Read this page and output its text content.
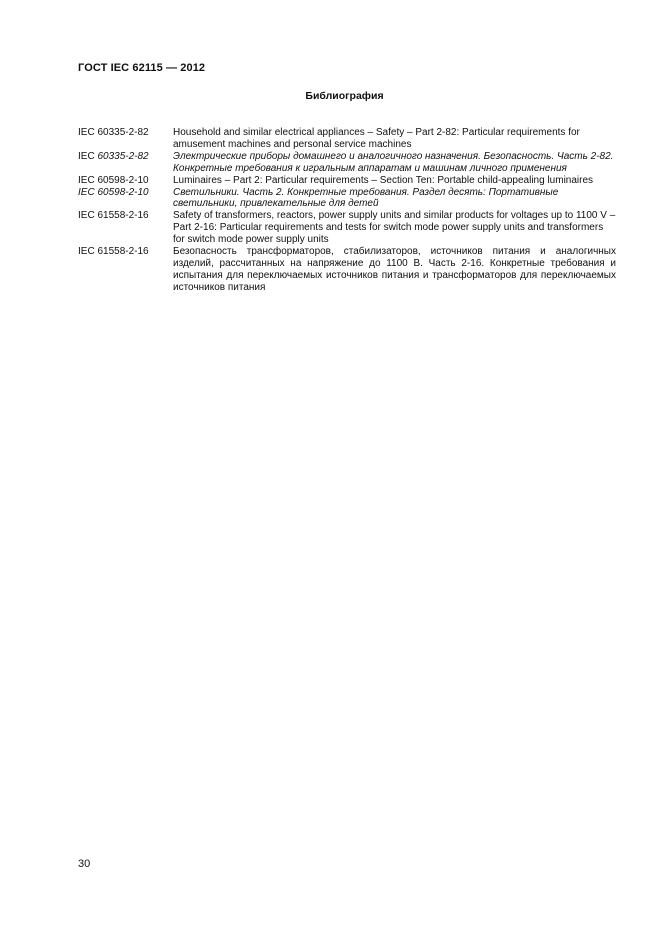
ГОСТ IEC 62115 — 2012
Библиография
IEC 60335-2-82	Household and similar electrical appliances – Safety – Part 2-82: Particular requirements for amusement machines and personal service machines
IEC 60335-2-82	Электрические приборы домашнего и аналогичного назначения. Безопасность. Часть 2-82. Конкретные требования к игральным аппаратам и машинам личного применения
IEC 60598-2-10	Luminaires – Part 2: Particular requirements – Section Ten: Portable child-appealing luminaires
IEC 60598-2-10	Светильники. Часть 2. Конкретные требования. Раздел десять: Портативные светильники, привлекательные для детей
IEC 61558-2-16	Safety of transformers, reactors, power supply units and similar products for voltages up to 1100 V – Part 2-16: Particular requirements and tests for switch mode power supply units and transformers for switch mode power supply units
IEC 61558-2-16	Безопасность трансформаторов, стабилизаторов, источников питания и аналогичных изделий, рассчитанных на напряжение до 1100 В. Часть 2-16. Конкретные требования и испытания для переключаемых источников питания и трансформаторов для переключаемых источников питания
30
